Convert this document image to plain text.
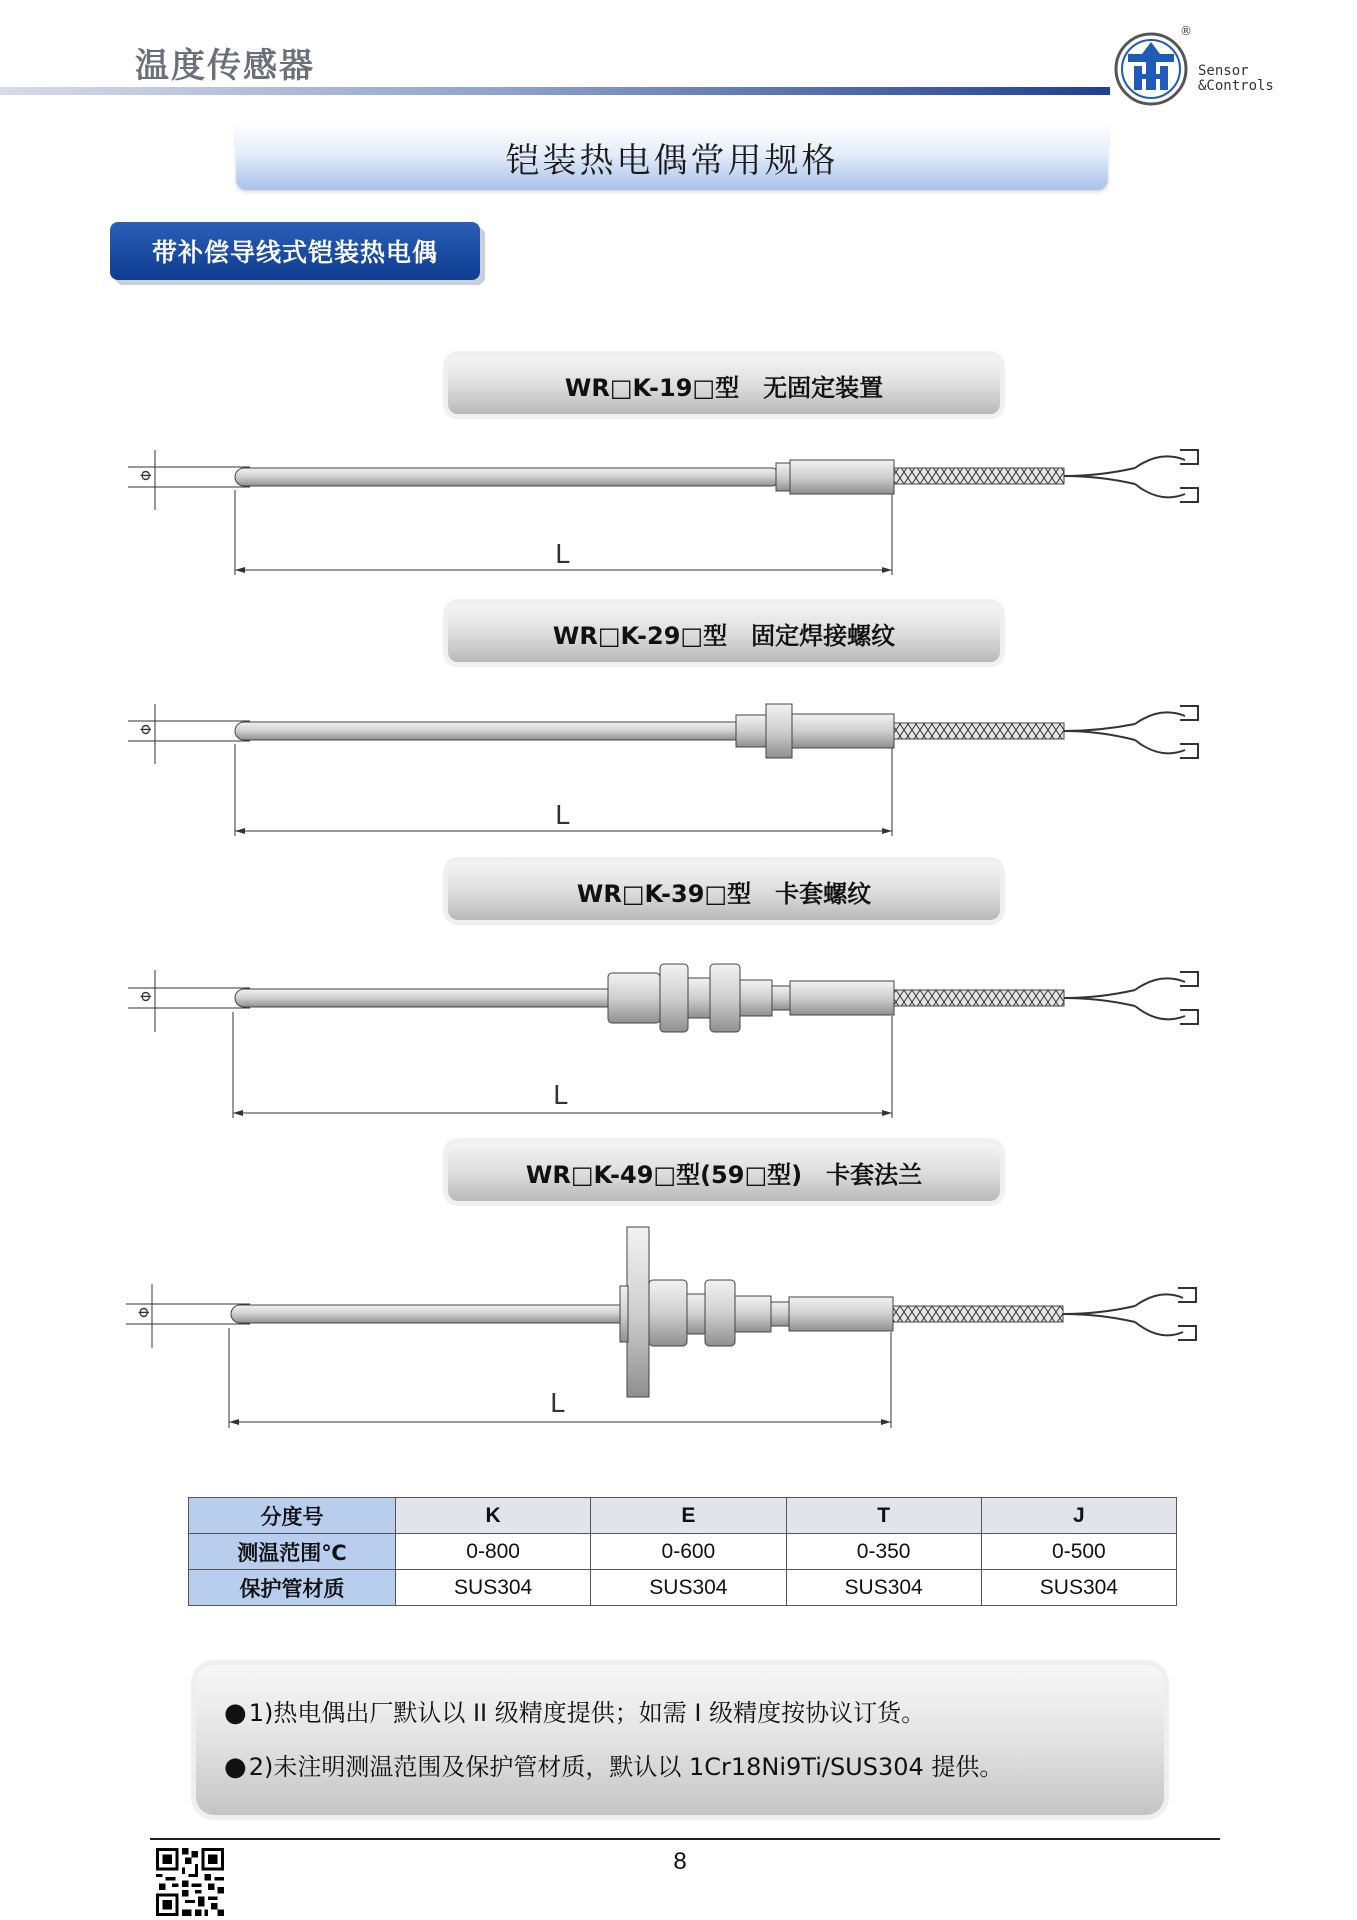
温度传感器
®
Sensor
&Controls
铠装热电偶常用规格
带补偿导线式铠装热电偶
WR□K-19□型　无固定装置
Φ
L
WR□K-29□型　固定焊接螺纹
Φ
L
WR□K-39□型　卡套螺纹
Φ
L
WR□K-49□型(59□型)　卡套法兰
Φ
L
分度号	K	E	T	J
测温范围℃	0-800	0-600	0-350	0-500
保护管材质	SUS304	SUS304	SUS304	SUS304
●1)热电偶出厂默认以 II 级精度提供；如需 I 级精度按协议订货。
●2)未注明测温范围及保护管材质，默认以 1Cr18Ni9Ti/SUS304 提供。
8
